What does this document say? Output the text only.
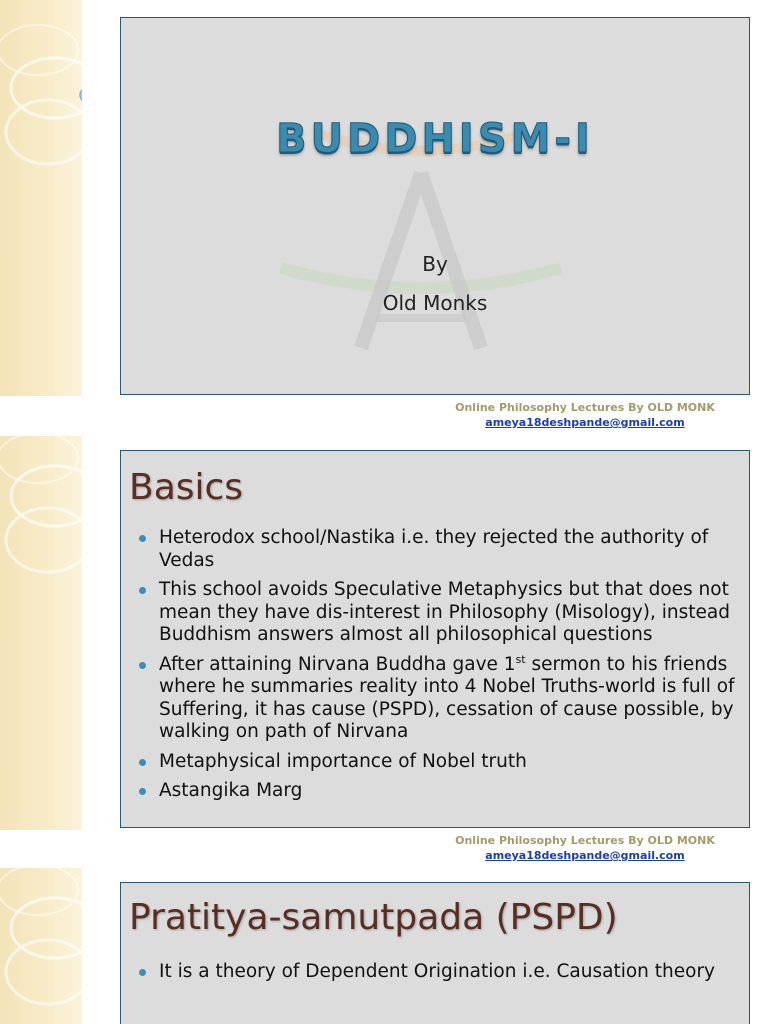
BUDDHISM-I
By
Old Monks
Online Philosophy Lectures By OLD MONK
ameya18deshpande@gmail.com
Basics
Heterodox school/Nastika i.e. they rejected the authority of Vedas
This school avoids Speculative Metaphysics but that does not mean they have dis-interest in Philosophy (Misology), instead Buddhism answers almost all philosophical questions
After attaining Nirvana Buddha gave 1st sermon to his friends where he summaries reality into 4 Nobel Truths-world is full of Suffering, it has cause (PSPD), cessation of cause possible, by walking on path of Nirvana
Metaphysical importance of Nobel truth
Astangika Marg
Online Philosophy Lectures By OLD MONK
ameya18deshpande@gmail.com
Pratitya-samutpada (PSPD)
It is a theory of Dependent Origination i.e. Causation theory
